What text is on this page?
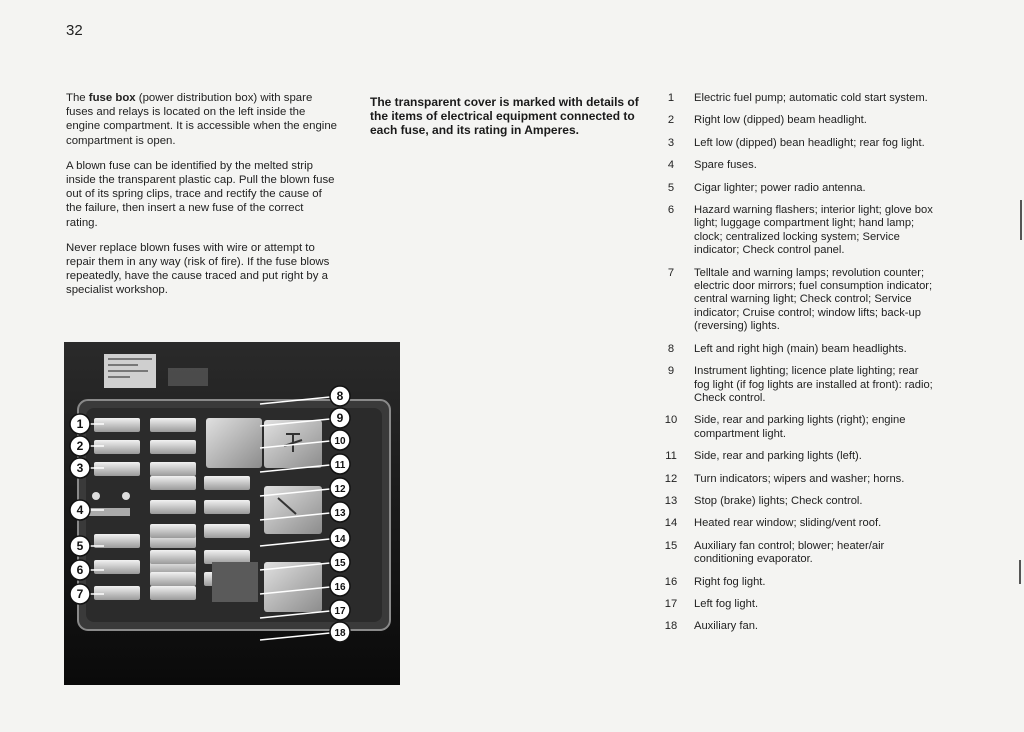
32

The fuse box (power distribution box) with spare fuses and relays is located on the left inside the engine compartment. It is accessible when the engine compartment is open.

A blown fuse can be identified by the melted strip inside the transparent plastic cap. Pull the blown fuse out of its spring clips, trace and rectify the cause of the failure, then insert a new fuse of the correct rating.

Never replace blown fuses with wire or attempt to repair them in any way (risk of fire). If the fuse blows repeatedly, have the cause traced and put right by a specialist workshop.

The transparent cover is marked with details of the items of electrical equipment connected to each fuse, and its rating in Amperes.
1	Electric fuel pump; automatic cold start system.
2	Right low (dipped) beam headlight.
3	Left low (dipped) bean headlight; rear fog light.
4	Spare fuses.
5	Cigar lighter; power radio antenna.
6	Hazard warning flashers; interior light; glove box light; luggage compartment light; hand lamp; clock; centralized locking system; Service indicator; Check control panel.
7	Telltale and warning lamps; revolution counter; electric door mirrors; fuel consumption indicator; central warning light; Check control; Service indicator; Cruise control; window lifts; back-up (reversing) lights.
8	Left and right high (main) beam headlights.
9	Instrument lighting; licence plate lighting; rear fog light (if fog lights are installed at front): radio; Check control.
10	Side, rear and parking lights (right); engine compartment light.
11	Side, rear and parking lights (left).
12	Turn indicators; wipers and washer; horns.
13	Stop (brake) lights; Check control.
14	Heated rear window; sliding/vent roof.
15	Auxiliary fan control; blower; heater/air conditioning evaporator.
16	Right fog light.
17	Left fog light.
18	Auxiliary fan.
1
2
3
4
5
6
7
8
9
10
11
12
13
14
15
16
17
18
